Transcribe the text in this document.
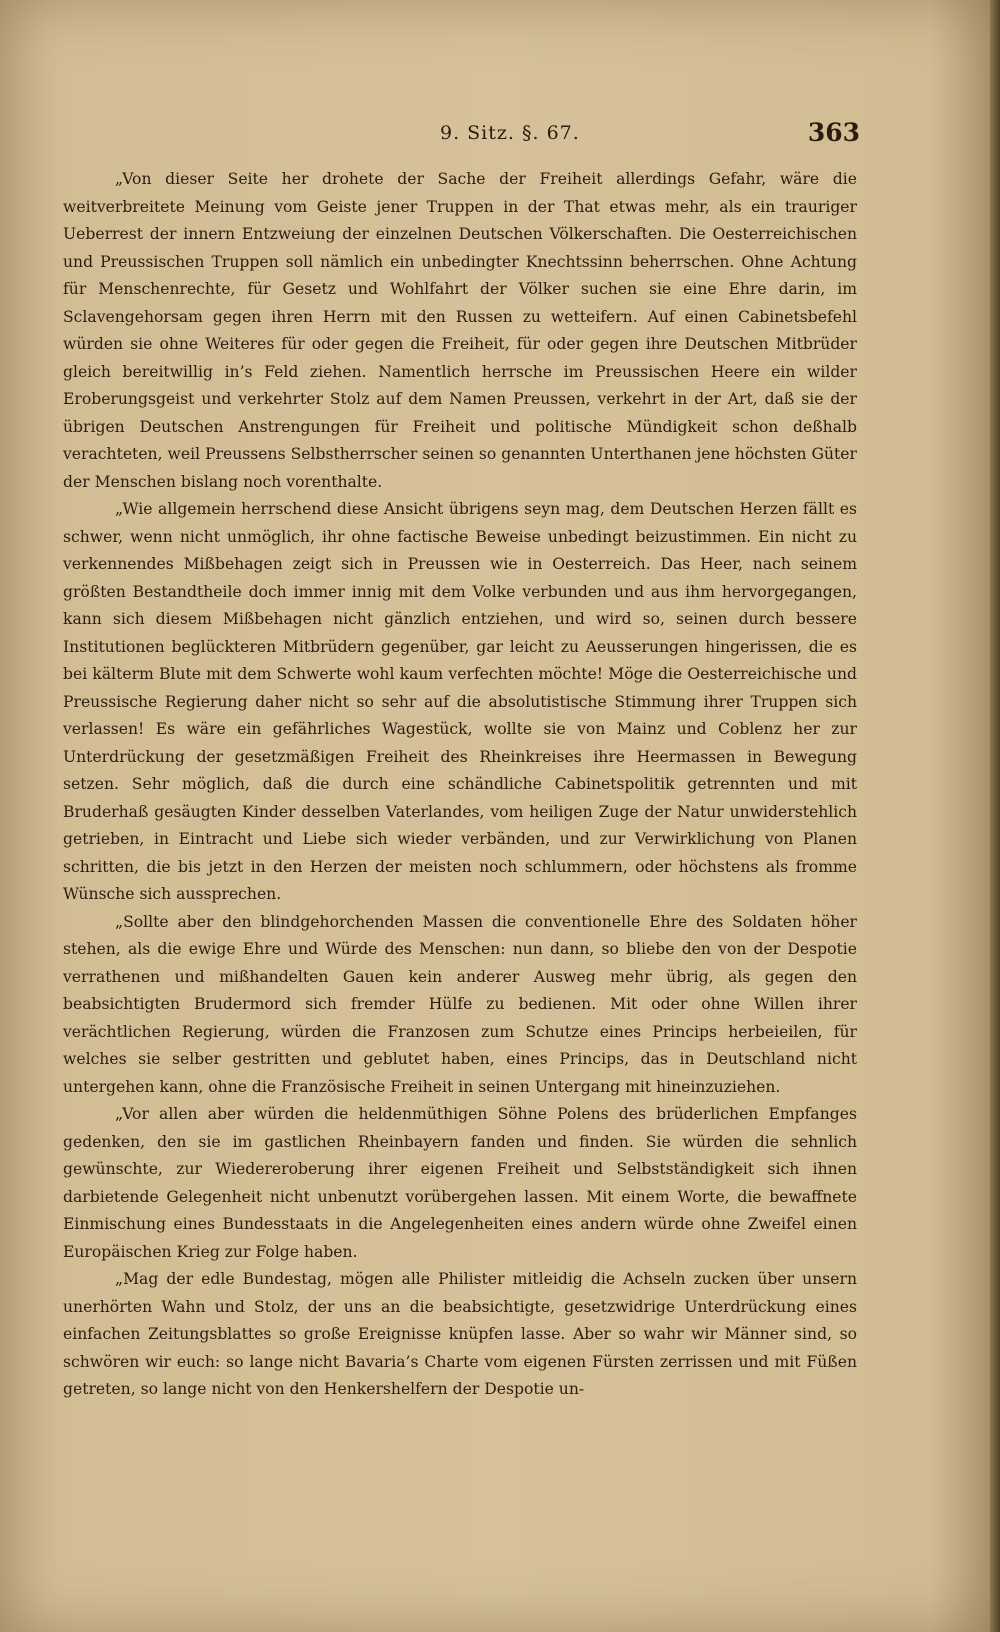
9. Sitz. §. 67.	363

„Von dieser Seite her drohete der Sache der Freiheit allerdings Gefahr, wäre die weitverbreitete Meinung vom Geiste jener Truppen in der That etwas mehr, als ein trauriger Ueberrest der innern Entzweiung der einzelnen Deutschen Völkerschaften. Die Oesterreichischen und Preussischen Truppen soll nämlich ein unbedingter Knechtssinn beherrschen. Ohne Achtung für Menschenrechte, für Gesetz und Wohlfahrt der Völker suchen sie eine Ehre darin, im Sclavengehorsam gegen ihren Herrn mit den Russen zu wetteifern. Auf einen Cabinetsbefehl würden sie ohne Weiteres für oder gegen die Freiheit, für oder gegen ihre Deutschen Mitbrüder gleich bereitwillig in’s Feld ziehen. Namentlich herrsche im Preussischen Heere ein wilder Eroberungsgeist und verkehrter Stolz auf dem Namen Preussen, verkehrt in der Art, daß sie der übrigen Deutschen Anstrengungen für Freiheit und politische Mündigkeit schon deßhalb verachteten, weil Preussens Selbstherrscher seinen so genannten Unterthanen jene höchsten Güter der Menschen bislang noch vorenthalte.

„Wie allgemein herrschend diese Ansicht übrigens seyn mag, dem Deutschen Herzen fällt es schwer, wenn nicht unmöglich, ihr ohne factische Beweise unbedingt beizustimmen. Ein nicht zu verkennendes Mißbehagen zeigt sich in Preussen wie in Oesterreich. Das Heer, nach seinem größten Bestandtheile doch immer innig mit dem Volke verbunden und aus ihm hervorgegangen, kann sich diesem Mißbehagen nicht gänzlich entziehen, und wird so, seinen durch bessere Institutionen beglückteren Mitbrüdern gegenüber, gar leicht zu Aeusserungen hingerissen, die es bei kälterm Blute mit dem Schwerte wohl kaum verfechten möchte! Möge die Oesterreichische und Preussische Regierung daher nicht so sehr auf die absolutistische Stimmung ihrer Truppen sich verlassen! Es wäre ein gefährliches Wagestück, wollte sie von Mainz und Coblenz her zur Unterdrückung der gesetzmäßigen Freiheit des Rheinkreises ihre Heermassen in Bewegung setzen. Sehr möglich, daß die durch eine schändliche Cabinetspolitik getrennten und mit Bruderhaß gesäugten Kinder desselben Vaterlandes, vom heiligen Zuge der Natur unwiderstehlich getrieben, in Eintracht und Liebe sich wieder verbänden, und zur Verwirklichung von Planen schritten, die bis jetzt in den Herzen der meisten noch schlummern, oder höchstens als fromme Wünsche sich aussprechen.

„Sollte aber den blindgehorchenden Massen die conventionelle Ehre des Soldaten höher stehen, als die ewige Ehre und Würde des Menschen: nun dann, so bliebe den von der Despotie verrathenen und mißhandelten Gauen kein anderer Ausweg mehr übrig, als gegen den beabsichtigten Brudermord sich fremder Hülfe zu bedienen. Mit oder ohne Willen ihrer verächtlichen Regierung, würden die Franzosen zum Schutze eines Princips herbeieilen, für welches sie selber gestritten und geblutet haben, eines Princips, das in Deutschland nicht untergehen kann, ohne die Französische Freiheit in seinen Untergang mit hineinzuziehen.

„Vor allen aber würden die heldenmüthigen Söhne Polens des brüderlichen Empfanges gedenken, den sie im gastlichen Rheinbayern fanden und finden. Sie würden die sehnlich gewünschte, zur Wiedereroberung ihrer eigenen Freiheit und Selbstständigkeit sich ihnen darbietende Gelegenheit nicht unbenutzt vorübergehen lassen. Mit einem Worte, die bewaffnete Einmischung eines Bundesstaats in die Angelegenheiten eines andern würde ohne Zweifel einen Europäischen Krieg zur Folge haben.

„Mag der edle Bundestag, mögen alle Philister mitleidig die Achseln zucken über unsern unerhörten Wahn und Stolz, der uns an die beabsichtigte, gesetzwidrige Unterdrückung eines einfachen Zeitungsblattes so große Ereignisse knüpfen lasse. Aber so wahr wir Männer sind, so schwören wir euch: so lange nicht Bavaria’s Charte vom eigenen Fürsten zerrissen und mit Füßen getreten, so lange nicht von den Henkershelfern der Despotie un-
